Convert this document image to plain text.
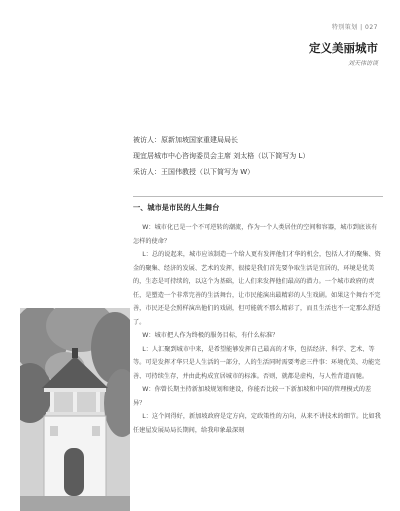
特别策划 | 027
定义美丽城市
刘天伟访谈
被访人：原新加坡国家重建局局长
现宜居城市中心咨询委员会主席 刘太格（以下简写为 L）
采访人：王国伟教授（以下简写为 W）
一、城市是市民的人生舞台

W：城市化已是一个不可逆转的潮流，作为一个人类居住的空间和容器，城市到底该有怎样的使命？

L：总的说起来，城市应该制造一个给人更有发挥他们才华的机会，包括人才的聚集、资金的聚集、经济的发展、艺术的发挥，很接是我们首先要争取生活是宜居的，环境是优美的，生态是可持续的，以这个为基础，让人们来发挥他们最高的潜力。一个城市政府的责任，是塑造一个非常完善的生活舞台，让市民能演出最精彩的人生戏剧。如果这个舞台不完善，市民还是会照样演出他们的戏剧，但可能就不那么精彩了，而且生活也不一定那么舒适了。

W：城市把人作为终极的服务目标，有什么标准？

L：人汇聚到城市中来，是希望能够发挥自己最高的才华，包括经济、科学、艺术、等等。可是发挥才华只是人生活的一部分，人的生活同时需要考虑三件事：环境优美、功能完善、可持续生存，并由此构成宜居城市的标准。否则，就都是虚构，与人性背道而驰。

W：你曾长期主持新加坡规划和建设，你能否比较一下新加坡和中国的管理模式的差异？

L：这个问得好，新加坡政府是定方向，定政策性的方向，从来不讲技术的细节。比如我任建屋发展局局长期间，给我印象最深刻
